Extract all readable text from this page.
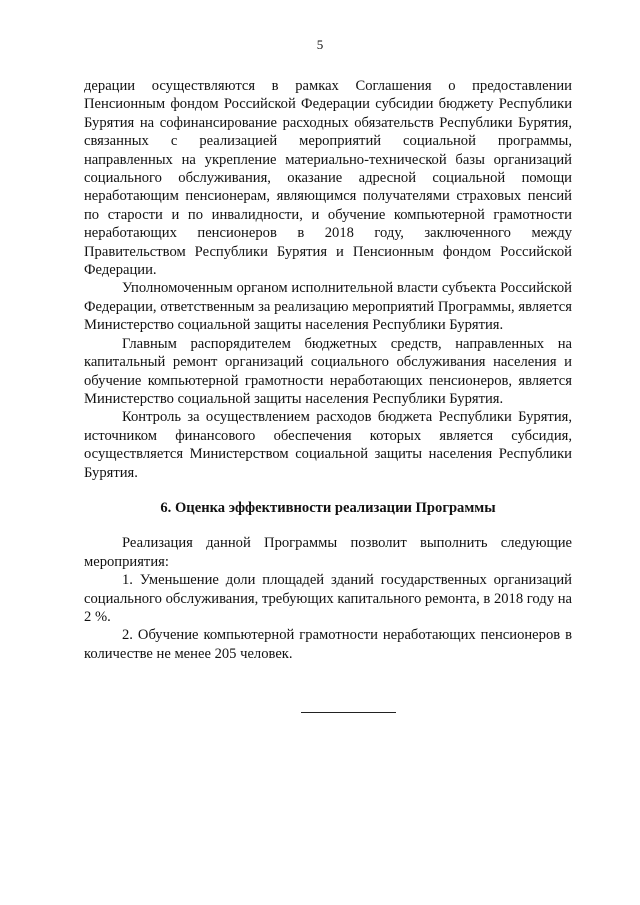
5

дерации осуществляются в рамках Соглашения о предоставлении Пенсионным фондом Российской Федерации субсидии бюджету Республики Бурятия на софинансирование расходных обязательств Республики Бурятия, связанных с реализацией мероприятий социальной программы, направленных на укрепление материально-технической базы организаций социального обслуживания, оказание адресной социальной помощи неработающим пенсионерам, являющимся получателями страховых пенсий по старости и по инвалидности, и обучение компьютерной грамотности неработающих пенсионеров в 2018 году, заключенного между Правительством Республики Бурятия и Пенсионным фондом Российской Федерации.

Уполномоченным органом исполнительной власти субъекта Российской Федерации, ответственным за реализацию мероприятий Программы, является Министерство социальной защиты населения Республики Бурятия.

Главным распорядителем бюджетных средств, направленных на капитальный ремонт организаций социального обслуживания населения и обучение компьютерной грамотности неработающих пенсионеров, является Министерство социальной защиты населения Республики Бурятия.

Контроль за осуществлением расходов бюджета Республики Бурятия, источником финансового обеспечения которых является субсидия, осуществляется Министерством социальной защиты населения Республики Бурятия.

6. Оценка эффективности реализации Программы

Реализация данной Программы позволит выполнить следующие мероприятия:

1. Уменьшение доли площадей зданий государственных организаций социального обслуживания, требующих капитального ремонта, в 2018 году на 2 %.

2. Обучение компьютерной грамотности неработающих пенсионеров в количестве не менее 205 человек.
